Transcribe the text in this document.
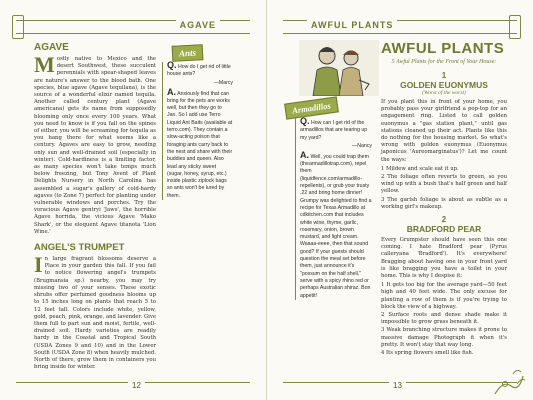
AGAVE
AGAVE
Mostly native to Mexico and the desert Southwest, these succulent perennials with spear-shaped leaves are nature's answer to the blood bath. One species, blue agave (Agave tequilana), is the source of a wonderful elixir named tequila. Another called century plant (Agave americana) gets its name from supposedly blooming only once every 100 years. What you need to know is if you fall on the spines of either, you will be screaming for tequila as you hang there for what seems like a century. Agaves are easy to grow, needing only sun and well-drained soil (especially in winter). Cold-hardiness is a limiting factor, as many species won't take temps much below freezing, but Tony Avent of Plant Delights Nursery in North Carolina has assembled a sugar's gallery of cold-hardy agaves (to Zone 7) perfect for planting under vulnerable windows and porches. Try the voracious Agave gentryi 'Jaws', the horrible Agave horrida, the vicious Agave 'Mako Shark', or the eloquent Agave titanota 'Lion Wine.'
ANGEL'S TRUMPET
In large fragrant blossoms deserve a Place in your garden this fall. If you fail to notice flowering angel's trumpets (Brugmansia sp.) nearby, you may try missing two of your senses. These exotic shrubs offer perfumed goodness blooms up to 15 inches long on plants that reach 5 to 12 feet tall. Colors include white, yellow, gold, peach, pink, orange, and lavender. Give them full to part sun and moist, fertile, well-drained soil. Hardy varieties are readily hardy in the Coastal and Tropical South (USDA Zones 9 and 10) and in the Lower South (USDA Zone 8) when heavily mulched. North of there, grow them in containers you bring inside for winter.
Ants

Q. How do I get rid of little house ants?

—Marcy

A. Anxiously find that can bring for the pets are works well, but then they go to Jan. So I add use Terro Liquid Ant Baits (available at terro.com). They contain a slow-acting poison that foraging ants carry back to the nest and share with their buddies and queen. Also lead any sticky sweet (sugar, honey, syrup, etc.) inside plastic ziplock bags so ants won't be lured by them.

12
AWFUL PLANTS
Armadillos

Q. How can I get rid of the armadillos that are tearing up my yard?

—Nancy

A. Well, you could trap them (thearmadillotrap.com), repel them (liquidfence.com/armadillo-repellents), or grub your trusty .22 and bring home dinner! Grumpy was delighted to find a recipe for Texas Armadillo at cdkitchen.com that includes white wine, thyme, garlic, rosemary, onion, brown mustard, and light cream. Waaaa-eeee, then that sound good? If your guests should question the meal set before them, just announce it's "possum on the half shell," serve with a spicy rhino red or perhaps Australian shiraz. Bon appetit!

AWFUL PLANTS
5 Awful Plants for the Front of Your House:
1
GOLDEN EUONYMUS
(Worst of the worst)

If you plant this in front of your home, you probably pass your girlfriend a pop-top for an engagement ring. Listed to call golden euonymus a "gas station plant," until gas stations cleaned up their act. Plants like this do nothing for the housing market. So what's wrong with golden euonymus (Euonymus japonicus 'Aureomarginatus')? Let me count the ways:

1 Mildew and scale eat it up.

2 The foliage often reverts to green, so you wind up with a bush that's half green and half yellow.

3 The garish foliage is about as subtle as a working girl's makeup.

2
BRADFORD PEAR

Every Grumpster should have seen this one coming. I hate Bradford pear (Pyrus calleryana 'Bradford'). It's everywhere! Bragging about having one in your front yard is like bragging you have a toilet in your home. This is why I despise it:

1 It gets too big for the average yard—50 feet high and 40 feet wide. The only excuse for planting a row of them is if you're trying to block the view of a highway.

2 Surface roots and dense shade make it impossible to grow grass beneath it.

3 Weak branching structure makes it prone to massive damage Photograph it when it's pretty. It won't stay that way long.

4 Its spring flowers smell like fish.

13
